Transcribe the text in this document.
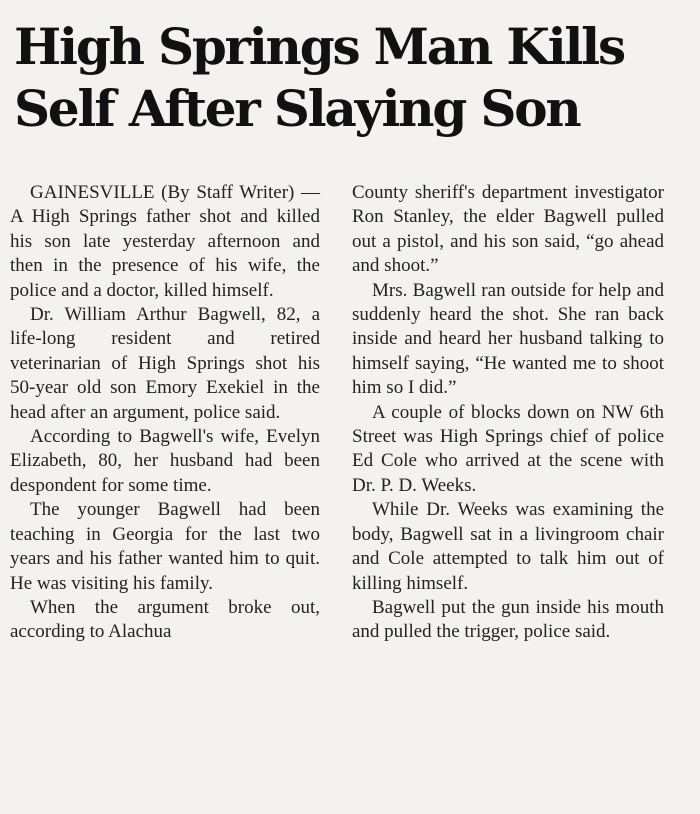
High Springs Man Kills
Self After Slaying Son

GAINESVILLE (By Staff Writer) — A High Springs father shot and killed his son late yesterday afternoon and then in the presence of his wife, the police and a doctor, killed himself.

Dr. William Arthur Bagwell, 82, a life-long resident and retired veterinarian of High Springs shot his 50-year old son Emory Exekiel in the head after an argument, police said.

According to Bagwell's wife, Evelyn Elizabeth, 80, her husband had been despondent for some time.

The younger Bagwell had been teaching in Georgia for the last two years and his father wanted him to quit. He was visiting his family.

When the argument broke out, according to Alachua

County sheriff's department investigator Ron Stanley, the elder Bagwell pulled out a pistol, and his son said, “go ahead and shoot.”

Mrs. Bagwell ran outside for help and suddenly heard the shot. She ran back inside and heard her husband talking to himself saying, “He wanted me to shoot him so I did.”

A couple of blocks down on NW 6th Street was High Springs chief of police Ed Cole who arrived at the scene with Dr. P. D. Weeks.

While Dr. Weeks was examining the body, Bagwell sat in a livingroom chair and Cole attempted to talk him out of killing himself.

Bagwell put the gun inside his mouth and pulled the trigger, police said.
